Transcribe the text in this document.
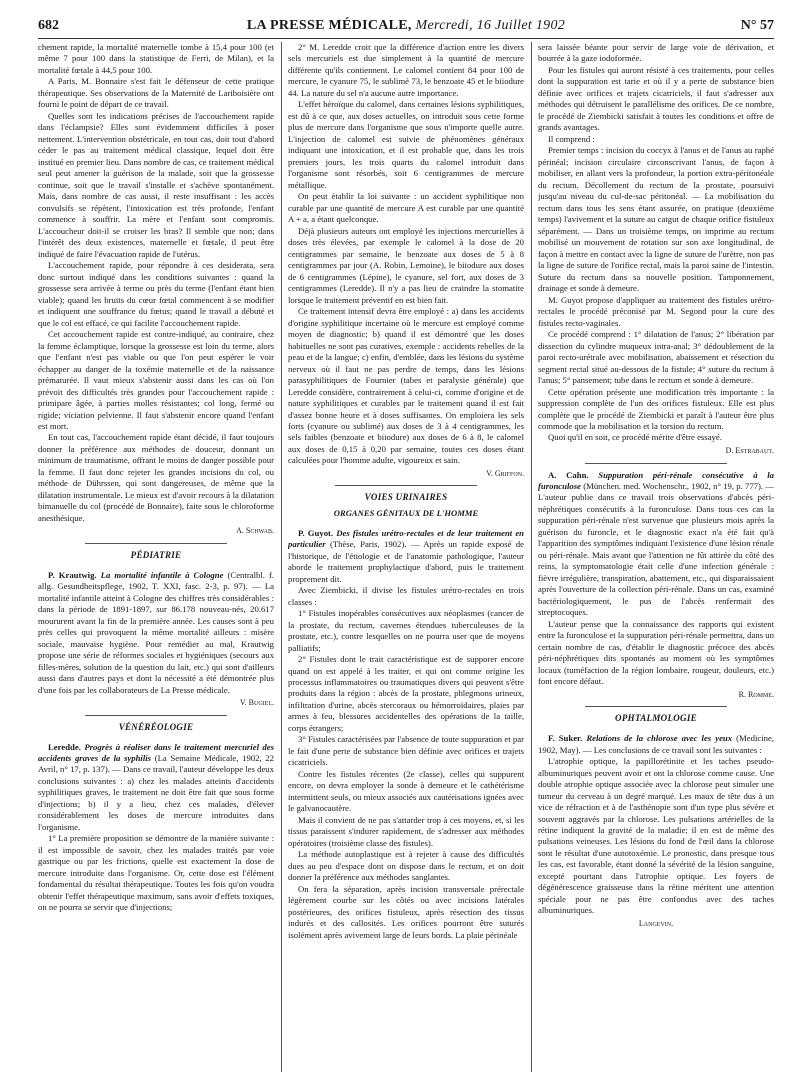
682	LA PRESSE MÉDICALE, Mercredi, 16 Juillet 1902	N° 57

chement rapide, la mortalité maternelle tombe à 15,4 pour 100 (et même 7 pour 100 dans la statistique de Ferri, de Milan), et la mortalité fœtale à 44,5 pour 100.

A Paris, M. Bonnaire s'est fait le défenseur de cette pratique thérapeutique. Ses observations de la Maternité de Lariboisière ont fourni le point de départ de ce travail.

Quelles sont les indications précises de l'accouchement rapide dans l'éclampsie? Elles sont évidemment difficiles à poser nettement. L'intervention obstétricale, en tout cas, doit tout d'abord céder le pas au traitement médical classique, lequel doit être institué en premier lieu. Dans nombre de cas, ce traitement médical seul peut amener la guérison de la malade, soit que la grossesse continue, soit que le travail s'installe et s'achève spontanément. Mais, dans nombre de cas aussi, il reste insuffisant : les accès convulsifs se répètent, l'intoxication est très profonde, l'enfant commence à souffrir. La mère et l'enfant sont compromis. L'accoucheur doit-il se croiser les bras? Il semble que non; dans l'intérêt des deux existences, maternelle et fœtale, il peut être indiqué de faire l'évacuation rapide de l'utérus.

L'accouchement rapide, pour répondre à ces desiderata, sera donc surtout indiqué dans les conditions suivantes : quand la grossesse sera arrivée à terme ou près du terme (l'enfant étant bien viable); quand les bruits du cœur fœtal commencent à se modifier et indiquent une souffrance du fœtus; quand le travail a débuté et que le col est effacé, ce qui facilite l'accouchement rapide.

Cet accouchement rapide est contre-indiqué, au contraire, chez la femme éclamptique, lorsque la grossesse est loin du terme, alors que l'enfant n'est pas viable ou que l'on peut espérer le voir échapper au danger de la toxémie maternelle et de la naissance prématurée. Il vaut mieux s'abstenir aussi dans les cas où l'on prévoit des difficultés très grandes pour l'accouchement rapide : primipare âgée, à parties molles résistantes; col long, fermé ou rigide; viciation pelvienne. Il faut s'abstenir encore quand l'enfant est mort.

En tout cas, l'accouchement rapide étant décidé, il faut toujours donner la préférence aux méthodes de douceur, donnant un minimum de traumatisme, offrant le moins de danger possible pour la femme. Il faut donc rejeter les grandes incisions du col, ou méthode de Dührssen, qui sont dangereuses, de même que la dilatation instrumentale. Le mieux est d'avoir recours à la dilatation bimanuelle du col (procédé de Bonnaire), faite sous le chloroforme anesthésique.

A. Schwab.
PÉDIATRIE

P. Krautwig. La mortalité infantile à Cologne (Centralbl. f. allg. Gesundheitspflege, 1902, T. XXI, fasc. 2-3, p. 97). — La mortalité infantile atteint à Cologne des chiffres très considérables : dans la période de 1891-1897, sur 86.178 nouveau-nés, 20.617 moururent avant la fin de la première année. Les causes sont à peu près celles qui provoquent la même mortalité ailleurs : misère sociale, mauvaise hygiène. Pour remédier au mal, Krautwig propose une série de réformes sociales et hygiéniques (secours aux filles-mères, solution de la question du lait, etc.) qui sont d'ailleurs aussi dans d'autres pays et dont la nécessité a été démontrée plus d'une fois par les collaborateurs de La Presse médicale.

V. Bugiel.
VÉNÉRÉOLOGIE

Leredde. Progrès à réaliser dans le traitement mercuriel des accidents graves de la syphilis (La Semaine Médicale, 1902, 22 Avril, n° 17, p. 137). — Dans ce travail, l'auteur développe les deux conclusions suivantes : a) chez les malades atteints d'accidents syphilitiques graves, le traitement ne doit être fait que sous forme d'injections; b) il y a lieu, chez ces malades, d'élever considérablement les doses de mercure introduites dans l'organisme.

1° La première proposition se démontre de la manière suivante : il est impossible de savoir, chez les malades traités par voie gastrique ou par les frictions, quelle est exactement la dose de mercure introduite dans l'organisme. Or, cette dose est l'élément fondamental du résultat thérapeutique. Toutes les fois qu'on voudra obtenir l'effet thérapeutique maximum, sans avoir d'effets toxiques, on ne pourra se servir que d'injections;

2° M. Leredde croit que la différence d'action entre les divers sels mercuriels est due simplement à la quantité de mercure différente qu'ils contiennent. Le calomel contient 84 pour 100 de mercure, le cyanure 75, le sublimé 73, le benzoate 45 et le biiodure 44. La nature du sel n'a aucune autre importance.

L'effet héroïque du calomel, dans certaines lésions syphilitiques, est dû à ce que, aux doses actuelles, on introduit sous cette forme plus de mercure dans l'organisme que sous n'importe quelle autre. L'injection de calomel est suivie de phénomènes généraux indiquant une intoxication, et il est probable que, dans les trois premiers jours, les trois quarts du calomel introduit dans l'organisme sont résorbés, soit 6 centigrammes de mercure métallique.

On peut établir la loi suivante : un accident syphilitique non curable par une quantité de mercure A est curable par une quantité A + a, a étant quelconque.

Déjà plusieurs auteurs ont employé les injections mercurielles à doses très élevées, par exemple le calomel à la dose de 20 centigrammes par semaine, le benzoate aux doses de 5 à 8 centigrammes par jour (A. Robin, Lemoine), le biiodure aux doses de 6 centigrammes (Lépine), le cyanure, sel fort, aux doses de 3 centigrammes (Leredde). Il n'y a pas lieu de craindre la stomatite lorsque le traitement préventif en est bien fait.

Ce traitement intensif devra être employé : a) dans les accidents d'origine syphilitique incertaine où le mercure est employé comme moyen de diagnostic; b) quand il est démontré que les doses habituelles ne sont pas curatives, exemple : accidents rebelles de la peau et de la langue; c) enfin, d'emblée, dans les lésions du système nerveux où il faut ne pas perdre de temps, dans les lésions parasyphilitiques de Fournier (tabes et paralysie générale) que Leredde considère, contrairement à celui-ci, comme d'origine et de nature syphilitiques et curables par le traitement quand il est fait d'assez bonne heure et à doses suffisantes. On emploiera les sels forts (cyanure ou sublimé) aux doses de 3 à 4 centigrammes, les sels faibles (benzoate et biiodure) aux doses de 6 à 8, le calomel aux doses de 0,15 à 0,20 par semaine, toutes ces doses étant calculées pour l'homme adulte, vigoureux et sain.

V. Griffon.
VOIES URINAIRES
ORGANES GÉNITAUX DE L'HOMME

P. Guyot. Des fistules urétro-rectales et de leur traitement en particulier (Thèse, Paris, 1902). — Après un rapide exposé de l'historique, de l'étiologie et de l'anatomie pathologique, l'auteur aborde le traitement prophylactique d'abord, puis le traitement proprement dit.

Avec Ziembicki, il divise les fistules urétro-rectales en trois classes :

1° Fistules inopérables consécutives aux néoplasmes (cancer de la prostate, du rectum, cavernes étendues tuberculeuses de la prostate, etc.), contre lesquelles on ne pourra user que de moyens palliatifs;

2° Fistules dont le trait caractéristique est de supporer encore quand on est appelé à les traiter, et qui ont comme origine les processus inflammatoires ou traumatiques divers qui peuvent s'être produits dans la région : abcès de la prostate, phlegmons urineux, infiltration d'urine, abcès stercoraux ou hémorroïdaires, plaies par armes à feu, blessures accidentelles des opérations de la taille, corps étrangers;

3° Fistules caractérisées par l'absence de toute suppuration et par le fait d'une perte de substance bien définie avec orifices et trajets cicatriciels.

Contre les fistules récentes (2e classe), celles qui suppurent encore, on devra employer la sonde à demeure et le cathétérisme intermittent seuls, ou mieux associés aux cautérisations ignées avec le galvanocautère.

Mais il convient de ne pas s'attarder trop à ces moyens, et, si les tissus paraissent s'indurer rapidement, de s'adresser aux méthodes opératoires (troisième classe des fistules).

La méthode autoplastique est à rejeter à cause des difficultés dues au peu d'espace dont on dispose dans le rectum, et on doit donner la préférence aux méthodes sanglantes.

On fera la séparation, après incision transversale prérectale légèrement courbe sur les côtés ou avec incisions latérales postérieures, des orifices fistuleux, après résection des tissus indurés et des callosités. Les orifices pourront être suturés isolément après avivement large de leurs bords. La plaie périnéale

sera laissée béante pour servir de large voie de dérivation, et bourrée à la gaze iodoformée.

Pour les fistules qui auront résisté à ces traitements, pour celles dont la suppuration est tarie et où il y a perte de substance bien définie avec orifices et trajets cicatriciels, il faut s'adresser aux méthodes qui détruisent le parallélisme des orifices. De ce nombre, le procédé de Ziembicki satisfait à toutes les conditions et offre de grands avantages.

Il comprend :

Premier temps : incision du coccyx à l'anus et de l'anus au raphé périnéal; incision circulaire circonscrivant l'anus, de façon à mobiliser, en allant vers la profondeur, la portion extra-péritonéale du rectum. Décollement du rectum de la prostate, poursuivi jusqu'au niveau du cul-de-sac péritonéal. — La mobilisation du rectum dans tous les sens étant assurée, on pratique (deuxième temps) l'avivement et la suture au catgut de chaque orifice fistuleux séparément. — Dans un troisième temps, on imprime au rectum mobilisé un mouvement de rotation sur son axe longitudinal, de façon à mettre en contact avec la ligne de suture de l'urètre, non pas la ligne de suture de l'orifice rectal, mais la paroi saine de l'intestin. Suture du rectum dans sa nouvelle position. Tamponnement, drainage et sonde à demeure.

M. Guyot propose d'appliquer au traitement des fistules urétro-rectales le procédé préconisé par M. Segond pour la cure des fistules recto-vaginales.

Ce procédé comprend : 1° dilatation de l'anus; 2° libération par dissection du cylindre muqueux intra-anal; 3° dédoublement de la paroi recto-urétrale avec mobilisation, abaissement et résection du segment rectal situé au-dessous de la fistule; 4° suture du rectum à l'anus; 5° pansement; tube dans le rectum et sonde à demeure.

Cette opération présente une modification très importante : la suppression complète de l'un des orifices fistuleux. Elle est plus complète que le procédé de Ziembicki et paraît à l'auteur être plus commode que la mobilisation et la torsion du rectum.

Quoi qu'il en soit, ce procédé mérite d'être essayé.

D. Estrabaut.

A. Cahn. Suppuration péri-rénale consécutive à la furonculose (München. med. Wochenschr., 1902, n° 19, p. 777). — L'auteur publie dans ce travail trois observations d'abcès péri-néphrétiques consécutifs à la furonculose. Dans tous ces cas la suppuration péri-rénale n'est survenue que plusieurs mois après la guérison du furoncle, et le diagnostic exact n'a été fait qu'à l'apparition des symptômes indiquant l'existence d'une lésion rénale ou péri-rénale. Mais avant que l'attention ne fût attirée du côté des reins, la symptomatologie était celle d'une infection générale : fièvre irrégulière, transpiration, abattement, etc., qui disparaissaient après l'ouverture de la collection péri-rénale. Dans un cas, examiné bactériologiquement, le pus de l'abcès renfermait des streptocoques.

L'auteur pense que la connaissance des rapports qui existent entre la furonculose et la suppuration péri-rénale permettra, dans un certain nombre de cas, d'établir le diagnostic précoce des abcès péri-néphrétiques dits spontanés au moment où les symptômes locaux (tuméfaction de la région lombaire, rougeur, douleurs, etc.) font encore défaut.

R. Romme.
OPHTALMOLOGIE

F. Suker. Relations de la chlorose avec les yeux (Medicine, 1902, May). — Les conclusions de ce travail sont les suivantes :

L'atrophie optique, la papillorétinite et les taches pseudo-albuminuriques peuvent avoir et ont la chlorose comme cause. Une double atrophie optique associée avec la chlorose peut simuler une tumeur du cerveau à un degré marqué. Les maux de tête dus à un vice de réfraction et à de l'asthénopie sont d'un type plus sévère et souvent aggravés par la chlorose. Les pulsations artérielles de la rétine indiquent la gravité de la maladie; il en est de même des pulsations veineuses. Les lésions du fond de l'œil dans la chlorose sont le résultat d'une autotoxémie. Le pronostic, dans presque tous les cas, est favorable, étant donné la sévérité de la lésion sanguine, excepté pourtant dans l'atrophie optique. Les foyers de dégénérescence graisseuse dans la rétine méritent une attention spéciale pour ne pas être confondus avec des taches albuminuriques.

Langevin.
